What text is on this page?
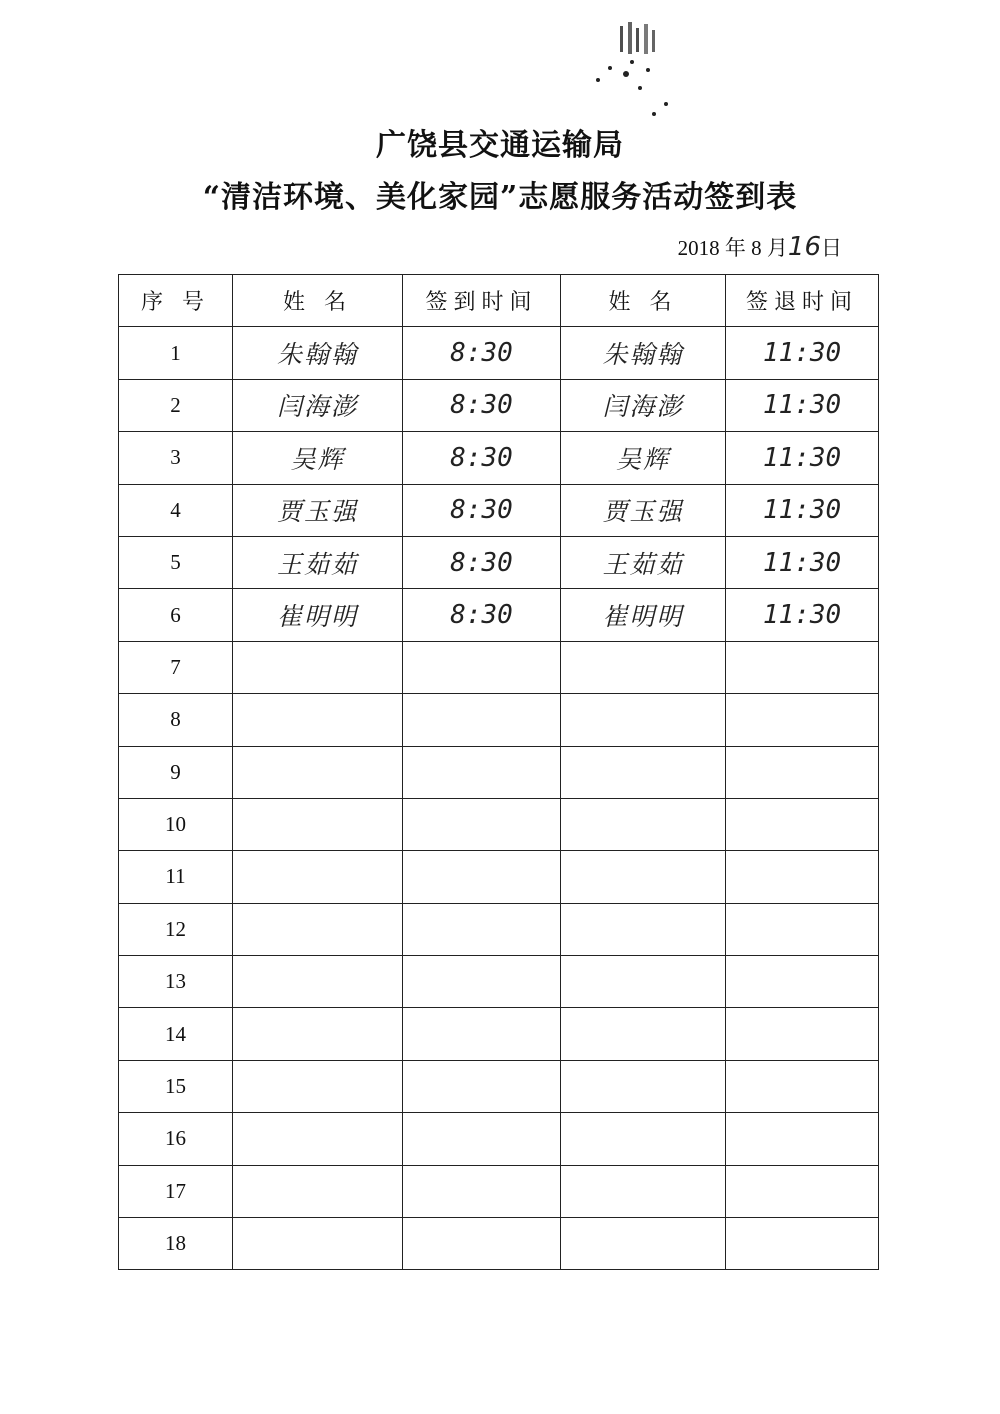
广饶县交通运输局
“清洁环境、美化家园”志愿服务活动签到表
2018 年 8 月16日
序 号	姓 名	签到时间	姓 名	签退时间
1	朱翰翰	8:30	朱翰翰	11:30
2	闫海澎	8:30	闫海澎	11:30
3	吴辉	8:30	吴辉	11:30
4	贾玉强	8:30	贾玉强	11:30
5	王茹茹	8:30	王茹茹	11:30
6	崔明明	8:30	崔明明	11:30
7				
8				
9				
10				
11				
12				
13				
14				
15				
16				
17				
18				
